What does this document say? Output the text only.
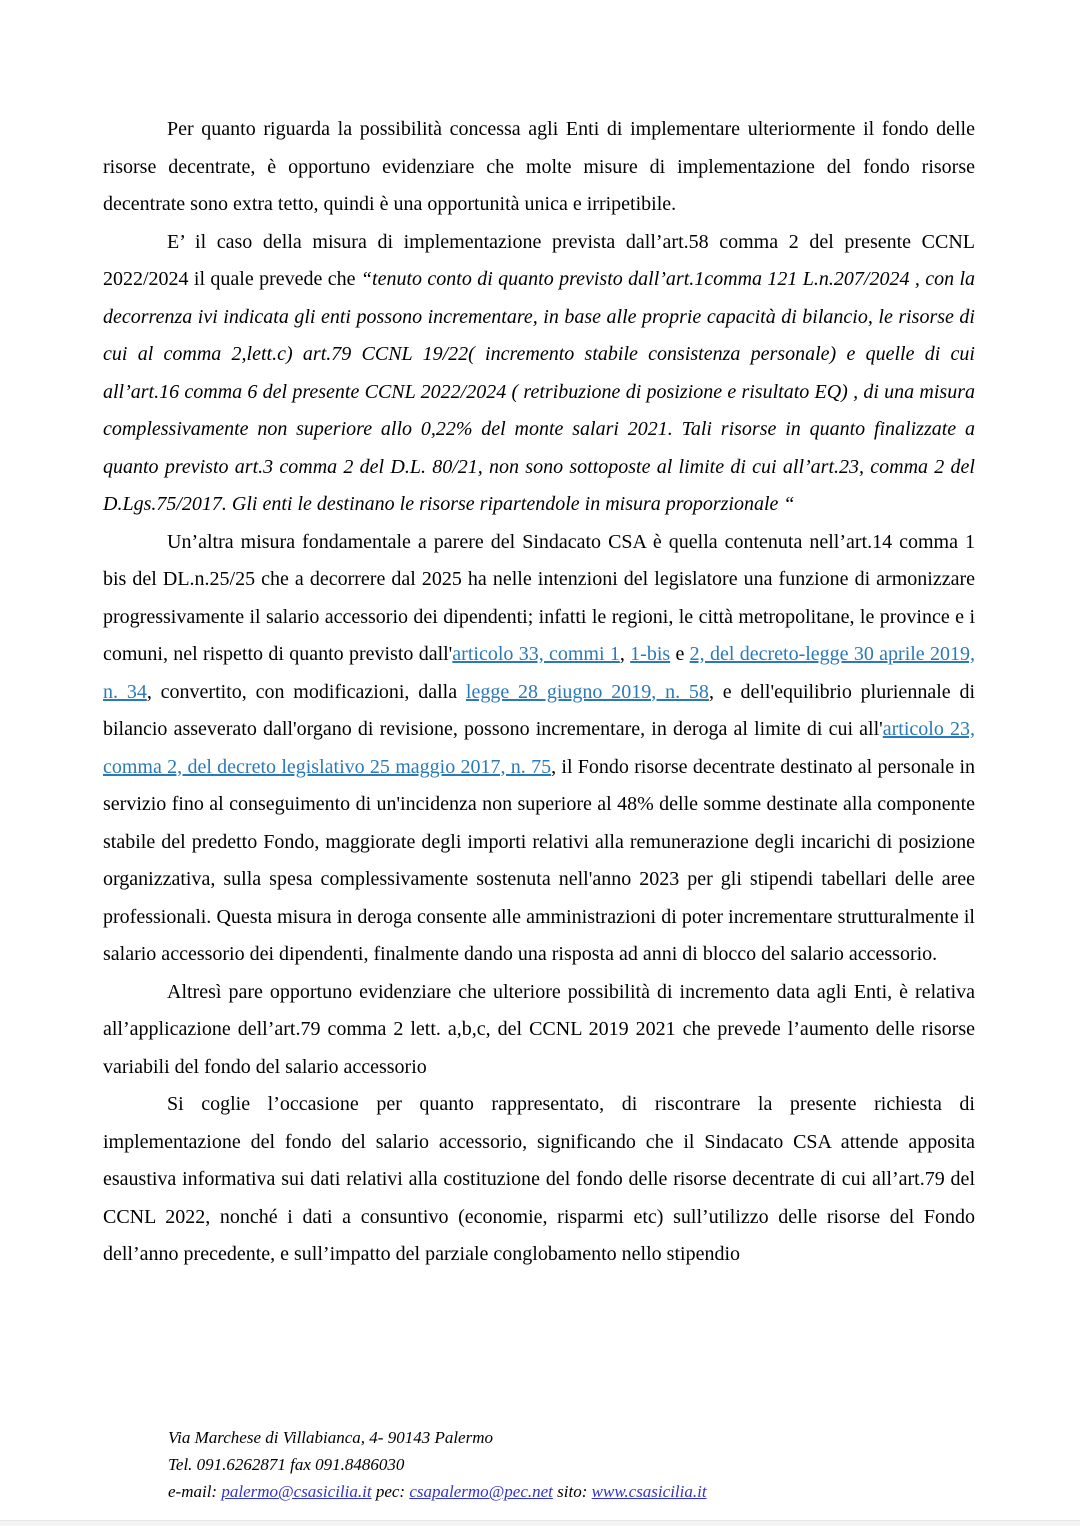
Per quanto riguarda la possibilità concessa agli Enti di implementare ulteriormente il fondo delle risorse decentrate, è opportuno evidenziare che molte misure di implementazione del fondo risorse decentrate sono extra tetto, quindi è una opportunità unica e irripetibile.

E’ il caso della misura di implementazione prevista dall’art.58 comma 2 del presente CCNL 2022/2024 il quale prevede che “tenuto conto di quanto previsto dall’art.1comma 121 L.n.207/2024 , con la decorrenza ivi indicata gli enti possono incrementare, in base alle proprie capacità di bilancio, le risorse di cui al comma 2,lett.c) art.79 CCNL 19/22( incremento stabile consistenza personale) e quelle di cui all’art.16 comma 6 del presente CCNL 2022/2024 ( retribuzione di posizione e risultato EQ) , di una misura complessivamente non superiore allo 0,22% del monte salari 2021. Tali risorse in quanto finalizzate a quanto previsto art.3 comma 2 del D.L. 80/21, non sono sottoposte al limite di cui all’art.23, comma 2 del D.Lgs.75/2017. Gli enti le destinano le risorse ripartendole in misura proporzionale “

Un’altra misura fondamentale a parere del Sindacato CSA è quella contenuta nell’art.14 comma 1 bis del DL.n.25/25 che a decorrere dal 2025 ha nelle intenzioni del legislatore una funzione di armonizzare progressivamente il salario accessorio dei dipendenti; infatti le regioni, le città metropolitane, le province e i comuni, nel rispetto di quanto previsto dall'articolo 33, commi 1, 1-bis e 2, del decreto-legge 30 aprile 2019, n. 34, convertito, con modificazioni, dalla legge 28 giugno 2019, n. 58, e dell'equilibrio pluriennale di bilancio asseverato dall'organo di revisione, possono incrementare, in deroga al limite di cui all'articolo 23, comma 2, del decreto legislativo 25 maggio 2017, n. 75, il Fondo risorse decentrate destinato al personale in servizio fino al conseguimento di un'incidenza non superiore al 48% delle somme destinate alla componente stabile del predetto Fondo, maggiorate degli importi relativi alla remunerazione degli incarichi di posizione organizzativa, sulla spesa complessivamente sostenuta nell'anno 2023 per gli stipendi tabellari delle aree professionali. Questa misura in deroga consente alle amministrazioni di poter incrementare strutturalmente il salario accessorio dei dipendenti, finalmente dando una risposta ad anni di blocco del salario accessorio.

Altresì pare opportuno evidenziare che ulteriore possibilità di incremento data agli Enti, è relativa all’applicazione dell’art.79 comma 2 lett. a,b,c, del CCNL 2019 2021 che prevede l’aumento delle risorse variabili del fondo del salario accessorio

Si coglie l’occasione per quanto rappresentato, di riscontrare la presente richiesta di implementazione del fondo del salario accessorio, significando che il Sindacato CSA attende apposita esaustiva informativa sui dati relativi alla costituzione del fondo delle risorse decentrate di cui all’art.79 del CCNL 2022, nonché i dati a consuntivo (economie, risparmi etc) sull’utilizzo delle risorse del Fondo dell’anno precedente, e sull’impatto del parziale conglobamento nello stipendio

Via Marchese di Villabianca, 4- 90143 Palermo
Tel. 091.6262871 fax 091.8486030
e-mail: palermo@csasicilia.it pec: csapalermo@pec.net sito: www.csasicilia.it
